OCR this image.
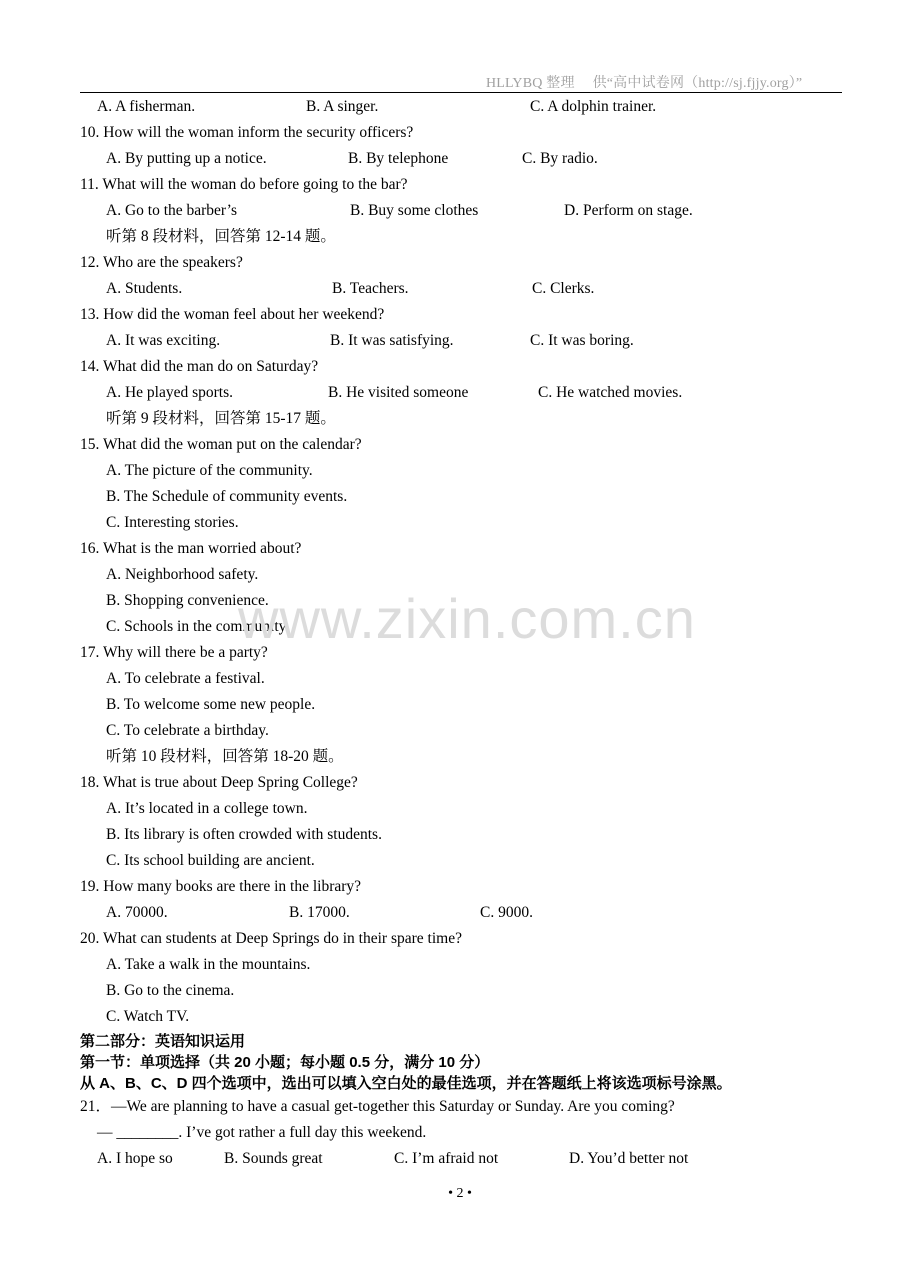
HLLYBQ 整理　 供“高中试卷网（http://sj.fjjy.org）”
A. A fisherman.	B. A singer.	C. A dolphin trainer.
10. How will the woman inform the security officers?
A. By putting up a notice.	B. By telephone	C. By radio.
11. What will the woman do before going to the bar?
A. Go to the barber’s	B. Buy some clothes	D. Perform on stage.
听第 8 段材料，回答第 12-14 题。
12. Who are the speakers?
A. Students.	B. Teachers.	C. Clerks.
13. How did the woman feel about her weekend?
A. It was exciting.	B. It was satisfying.	C. It was boring.
14. What did the man do on Saturday?
A. He played sports.	B. He visited someone	C. He watched movies.
听第 9 段材料，回答第 15-17 题。
15. What did the woman put on the calendar?
A. The picture of the community.
B. The Schedule of community events.
C. Interesting stories.
16. What is the man worried about?
A. Neighborhood safety.
B. Shopping convenience.
C. Schools in the community.
17. Why will there be a party?
A. To celebrate a festival.
B. To welcome some new people.
C. To celebrate a birthday.
听第 10 段材料，回答第 18-20 题。
18. What is true about Deep Spring College?
A. It’s located in a college town.
B. Its library is often crowded with students.
C. Its school building are ancient.
19. How many books are there in the library?
A. 70000.	B. 17000.	C. 9000.
20. What can students at Deep Springs do in their spare time?
A. Take a walk in the mountains.
B. Go to the cinema.
C. Watch TV.
第二部分：英语知识运用
第一节：单项选择（共 20 小题；每小题 0.5 分，满分 10 分）
从 A、B、C、D 四个选项中，选出可以填入空白处的最佳选项，并在答题纸上将该选项标号涂黑。
21．—We are planning to have a casual get-together this Saturday or Sunday. Are you coming?
— ________. I’ve got rather a full day this weekend.
A. I hope so	B. Sounds great	C. I’m afraid not	D. You’d better not
www.zixin.com.cn
• 2 •
